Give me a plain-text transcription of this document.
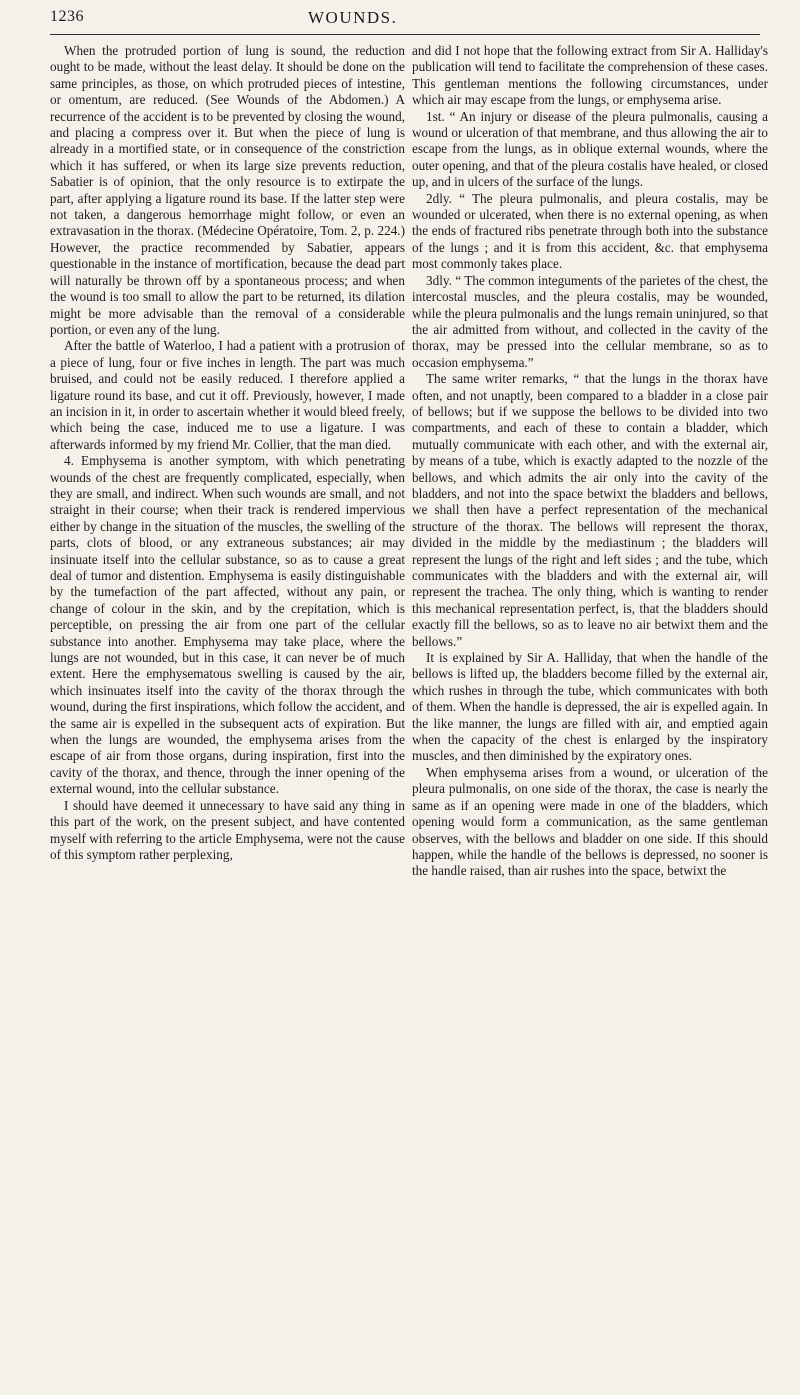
1236	WOUNDS.

When the protruded portion of lung is sound, the reduction ought to be made, without the least delay. It should be done on the same principles, as those, on which protruded pieces of intestine, or omentum, are reduced. (See Wounds of the Abdomen.) A recurrence of the accident is to be prevented by closing the wound, and placing a compress over it. But when the piece of lung is already in a mortified state, or in consequence of the constriction which it has suffered, or when its large size prevents reduction, Sabatier is of opinion, that the only resource is to extirpate the part, after applying a ligature round its base. If the latter step were not taken, a dangerous hemorrhage might follow, or even an extravasation in the thorax. (Médecine Opératoire, Tom. 2, p. 224.) However, the practice recommended by Sabatier, appears questionable in the instance of mortification, because the dead part will naturally be thrown off by a spontaneous process; and when the wound is too small to allow the part to be returned, its dilation might be more advisable than the removal of a considerable portion, or even any of the lung.

After the battle of Waterloo, I had a patient with a protrusion of a piece of lung, four or five inches in length. The part was much bruised, and could not be easily reduced. I therefore applied a ligature round its base, and cut it off. Previously, however, I made an incision in it, in order to ascertain whether it would bleed freely, which being the case, induced me to use a ligature. I was afterwards informed by my friend Mr. Collier, that the man died.

4. Emphysema is another symptom, with which penetrating wounds of the chest are frequently complicated, especially, when they are small, and indirect. When such wounds are small, and not straight in their course; when their track is rendered impervious either by change in the situation of the muscles, the swelling of the parts, clots of blood, or any extraneous substances; air may insinuate itself into the cellular substance, so as to cause a great deal of tumor and distention. Emphysema is easily distinguishable by the tumefaction of the part affected, without any pain, or change of colour in the skin, and by the crepitation, which is perceptible, on pressing the air from one part of the cellular substance into another. Emphysema may take place, where the lungs are not wounded, but in this case, it can never be of much extent. Here the emphysematous swelling is caused by the air, which insinuates itself into the cavity of the thorax through the wound, during the first inspirations, which follow the accident, and the same air is expelled in the subsequent acts of expiration. But when the lungs are wounded, the emphysema arises from the escape of air from those organs, during inspiration, first into the cavity of the thorax, and thence, through the inner opening of the external wound, into the cellular substance.

I should have deemed it unnecessary to have said any thing in this part of the work, on the present subject, and have contented myself with referring to the article Emphysema, were not the cause of this symptom rather perplexing,

and did I not hope that the following extract from Sir A. Halliday's publication will tend to facilitate the comprehension of these cases. This gentleman mentions the following circumstances, under which air may escape from the lungs, or emphysema arise.

1st. “ An injury or disease of the pleura pulmonalis, causing a wound or ulceration of that membrane, and thus allowing the air to escape from the lungs, as in oblique external wounds, where the outer opening, and that of the pleura costalis have healed, or closed up, and in ulcers of the surface of the lungs.

2dly. “ The pleura pulmonalis, and pleura costalis, may be wounded or ulcerated, when there is no external opening, as when the ends of fractured ribs penetrate through both into the substance of the lungs ; and it is from this accident, &c. that emphysema most commonly takes place.

3dly. “ The common integuments of the parietes of the chest, the intercostal muscles, and the pleura costalis, may be wounded, while the pleura pulmonalis and the lungs remain uninjured, so that the air admitted from without, and collected in the cavity of the thorax, may be pressed into the cellular membrane, so as to occasion emphysema.”

The same writer remarks, “ that the lungs in the thorax have often, and not unaptly, been compared to a bladder in a close pair of bellows; but if we suppose the bellows to be divided into two compartments, and each of these to contain a bladder, which mutually communicate with each other, and with the external air, by means of a tube, which is exactly adapted to the nozzle of the bellows, and which admits the air only into the cavity of the bladders, and not into the space betwixt the bladders and bellows, we shall then have a perfect representation of the mechanical structure of the thorax. The bellows will represent the thorax, divided in the middle by the mediastinum ; the bladders will represent the lungs of the right and left sides ; and the tube, which communicates with the bladders and with the external air, will represent the trachea. The only thing, which is wanting to render this mechanical representation perfect, is, that the bladders should exactly fill the bellows, so as to leave no air betwixt them and the bellows.”

It is explained by Sir A. Halliday, that when the handle of the bellows is lifted up, the bladders become filled by the external air, which rushes in through the tube, which communicates with both of them. When the handle is depressed, the air is expelled again. In the like manner, the lungs are filled with air, and emptied again when the capacity of the chest is enlarged by the inspiratory muscles, and then diminished by the expiratory ones.

When emphysema arises from a wound, or ulceration of the pleura pulmonalis, on one side of the thorax, the case is nearly the same as if an opening were made in one of the bladders, which opening would form a communication, as the same gentleman observes, with the bellows and bladder on one side. If this should happen, while the handle of the bellows is depressed, no sooner is the handle raised, than air rushes into the space, betwixt the
